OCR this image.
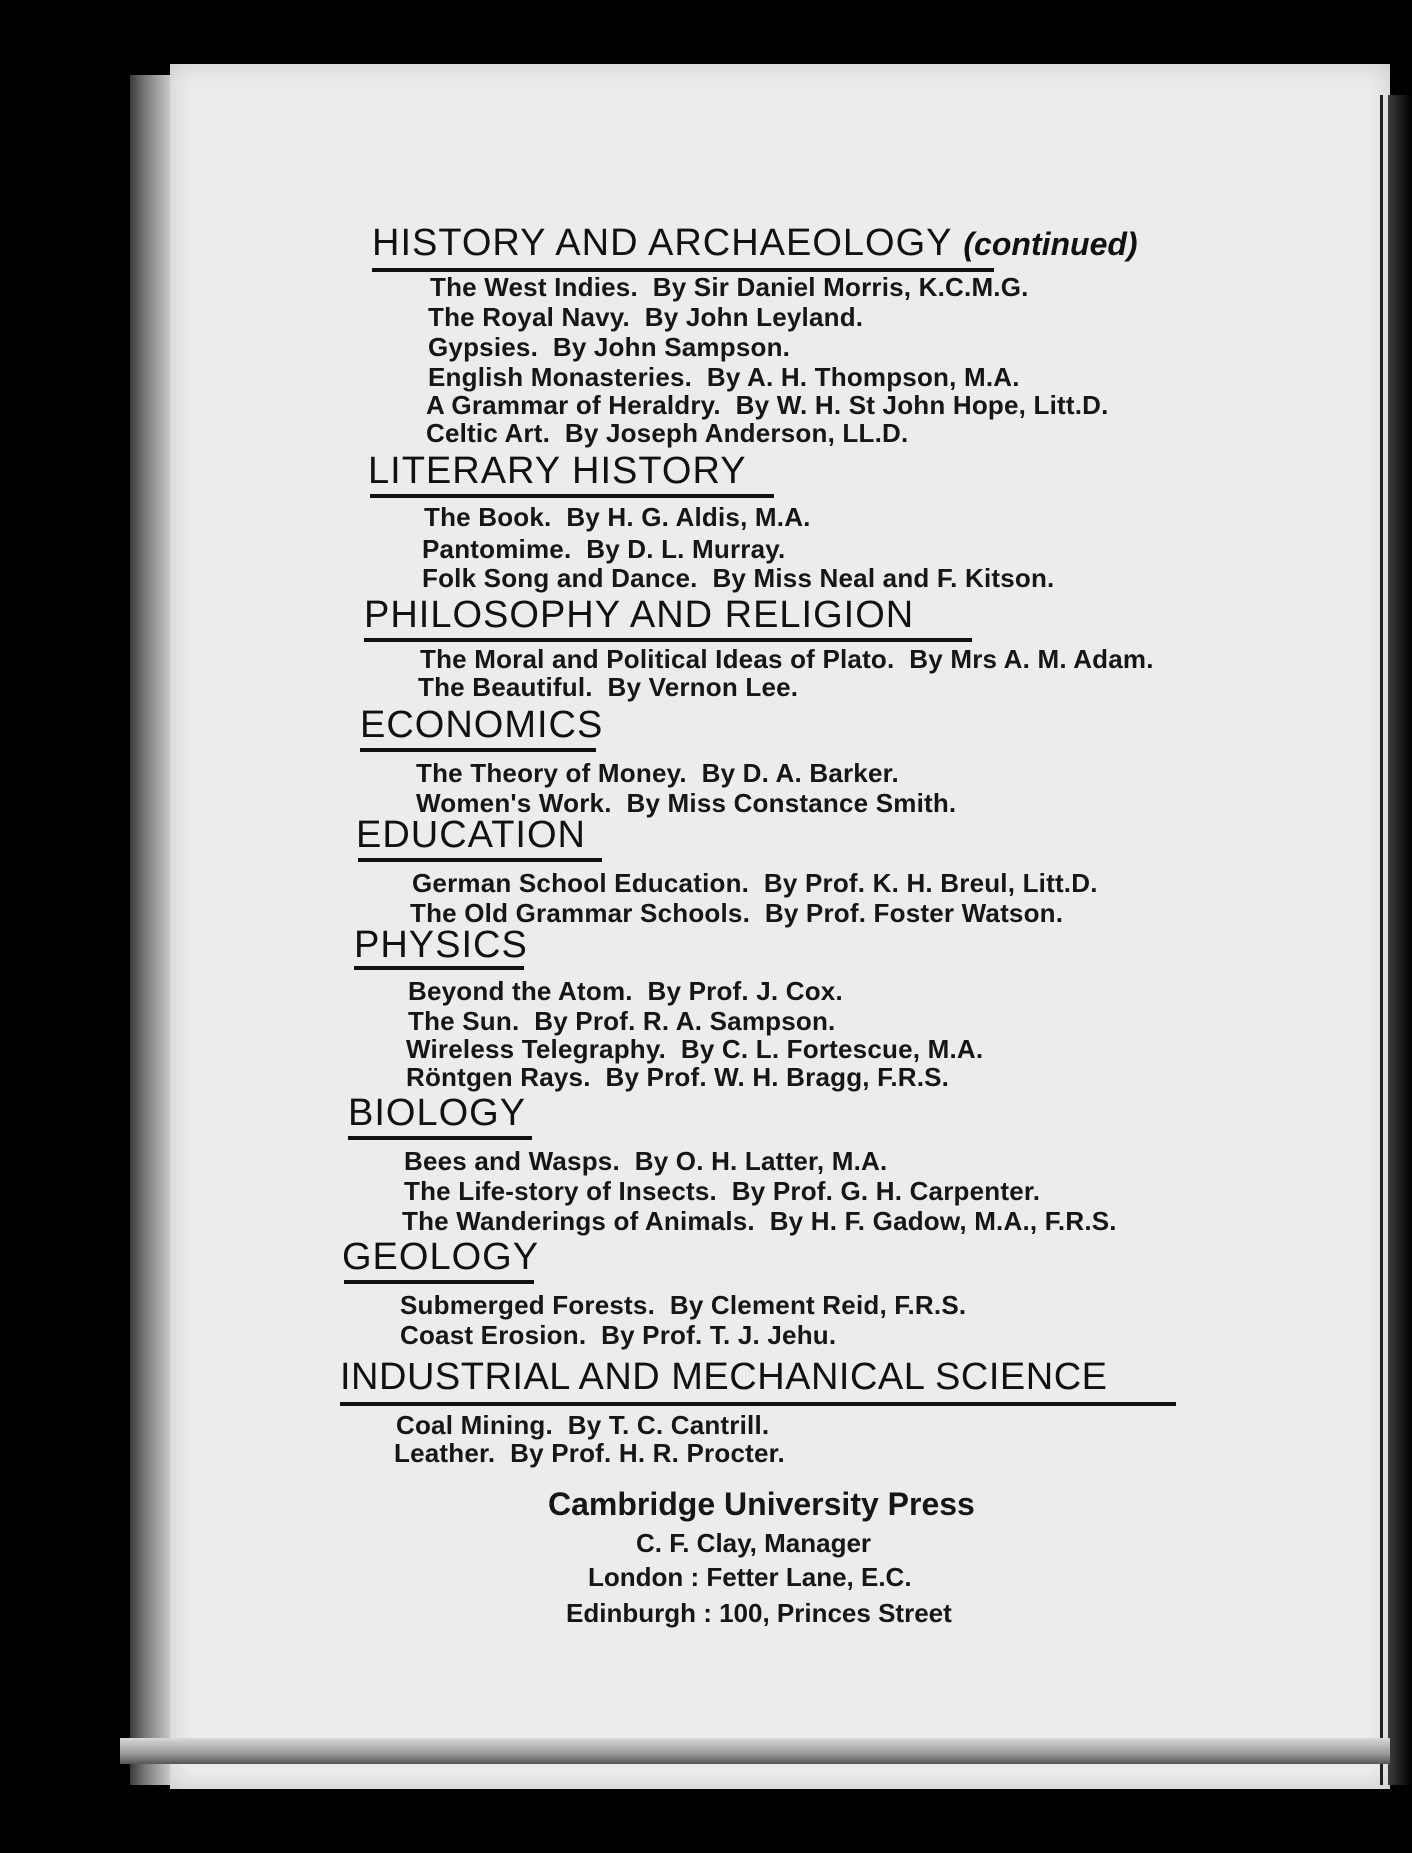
HISTORY AND ARCHAEOLOGY (continued)
The West Indies.  By Sir Daniel Morris, K.C.M.G.
The Royal Navy.  By John Leyland.
Gypsies.  By John Sampson.
English Monasteries.  By A. H. Thompson, M.A.
A Grammar of Heraldry.  By W. H. St John Hope, Litt.D.
Celtic Art.  By Joseph Anderson, LL.D.
LITERARY HISTORY
The Book.  By H. G. Aldis, M.A.
Pantomime.  By D. L. Murray.
Folk Song and Dance.  By Miss Neal and F. Kitson.
PHILOSOPHY AND RELIGION
The Moral and Political Ideas of Plato.  By Mrs A. M. Adam.
The Beautiful.  By Vernon Lee.
ECONOMICS
The Theory of Money.  By D. A. Barker.
Women's Work.  By Miss Constance Smith.
EDUCATION
German School Education.  By Prof. K. H. Breul, Litt.D.
The Old Grammar Schools.  By Prof. Foster Watson.
PHYSICS
Beyond the Atom.  By Prof. J. Cox.
The Sun.  By Prof. R. A. Sampson.
Wireless Telegraphy.  By C. L. Fortescue, M.A.
Röntgen Rays.  By Prof. W. H. Bragg, F.R.S.
BIOLOGY
Bees and Wasps.  By O. H. Latter, M.A.
The Life-story of Insects.  By Prof. G. H. Carpenter.
The Wanderings of Animals.  By H. F. Gadow, M.A., F.R.S.
GEOLOGY
Submerged Forests.  By Clement Reid, F.R.S.
Coast Erosion.  By Prof. T. J. Jehu.
INDUSTRIAL AND MECHANICAL SCIENCE
Coal Mining.  By T. C. Cantrill.
Leather.  By Prof. H. R. Procter.
Cambridge University Press
C. F. Clay, Manager
London : Fetter Lane, E.C.
Edinburgh : 100, Princes Street
